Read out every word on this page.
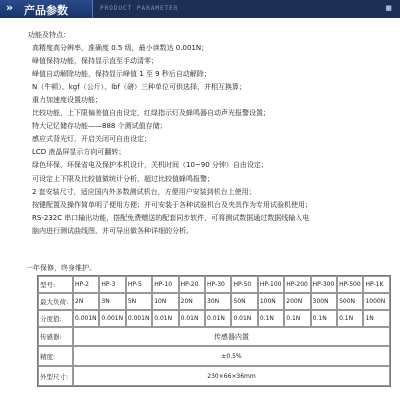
» 产品参数	PRODUCT PARAMETER	■
功能及特点：
高精度高分辨率，准确度 0.5 级，最小读数达 0.001N；
峰值保持功能，保持显示直至手动清零；
峰值自动解除功能，保持显示峰值 1 至 9 秒后自动解除；
N（牛顿）、kgf（公斤）、lbf（磅）三种单位可供选择，并相互换算；
重力加速度设置功能；
比较功能，上下限偏差值自由设定，红绿指示灯及蜂鸣器自动声光报警设置；
特大记忆储存功能——888 个测试值存储；
感应式背光灯，开启关闭可自由设定；
LCD 液晶屏显示方向可翻转；
绿色环保，环保省电及保护本机设计，关机时间（10~90 分钟）自由设定；
可设定上下限及比较值做统计分析，超过比较值蜂鸣报警；
2 套安装尺寸，适应国内外多数测试机台，方便用户安装到机台上使用；
按键配置及操作简单明了便用方便；并可安装于各种试验机台及夹具作为专用试验机使用；
RS-232C 串口输出功能，搭配免费赠送的配套同步软件，可将测试数据通过数据线输入电
脑内进行测试曲线图，并可导出做各种详细的分析。
一年保修，终身维护。
型号:	HP-2	HP-3	HP-5	HP-10	HP-20	HP-30	HP-50	HP-100	HP-200	HP-300	HP-500	HP-1K
最大负荷:	2N	3N	5N	10N	20N	30N	50N	100N	200N	300N	500N	1000N
分度值:	0.001N	0.001N	0.001N	0.01N	0.01N	0.01N	0.01N	0.1N	0.1N	0.1N	0.1N	1N
传感器:	传感器内置											
精度:	±0.5%											
外型尺寸:	230×66×36mm											
